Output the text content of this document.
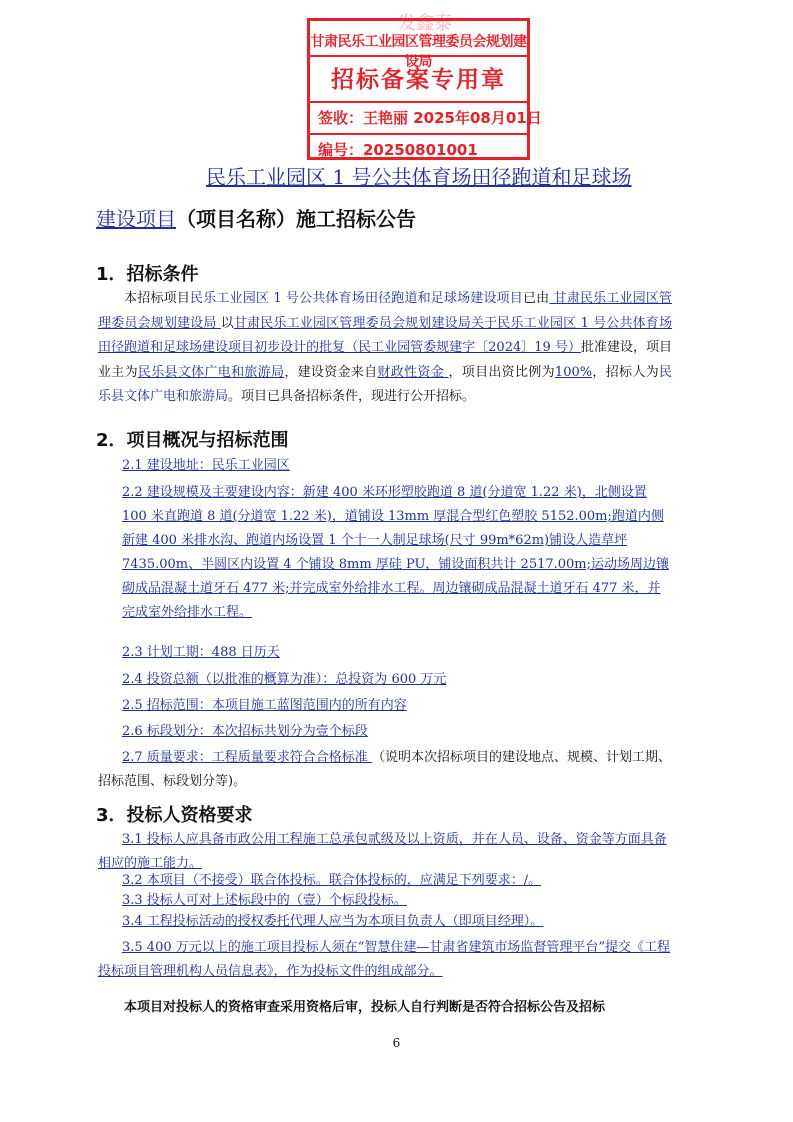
发鑫泰
甘肃民乐工业园区管理委员会规划建设局
招标备案专用章
签收：王艳丽 2025年08月01日
编号：20250801001
民乐工业园区 1 号公共体育场田径跑道和足球场
建设项目（项目名称）施工招标公告
1．招标条件
本招标项目民乐工业园区 1 号公共体育场田径跑道和足球场建设项目已由 甘肃民乐工业园区管理委员会规划建设局 以甘肃民乐工业园区管理委员会规划建设局关于民乐工业园区 1 号公共体育场田径跑道和足球场建设项目初步设计的批复（民工业园管委规建字〔2024〕19 号）批准建设，项目业主为民乐县文体广电和旅游局，建设资金来自财政性资金 ，项目出资比例为100%，招标人为民乐县文体广电和旅游局。项目已具备招标条件，现进行公开招标。
2．项目概况与招标范围
2.1 建设地址：民乐工业园区
2.2 建设规模及主要建设内容：新建 400 米环形塑胶跑道 8 道(分道宽 1.22 米)，北侧设置 100 米直跑道 8 道(分道宽 1.22 米)，道铺设 13mm 厚混合型红色塑胶 5152.00m;跑道内侧新建 400 米排水沟、跑道内场设置 1 个十一人制足球场(尺寸 99m*62m)铺设人造草坪 7435.00m、半圆区内设置 4 个铺设 8mm 厚硅 PU，铺设面积共计 2517.00m;运动场周边镶砌成品混凝土道牙石 477 米;并完成室外给排水工程。周边镶砌成品混凝土道牙石 477 米，并完成室外给排水工程。
2.3 计划工期：488 日历天
2.4 投资总额（以批准的概算为准）：总投资为 600 万元
2.5 招标范围：本项目施工蓝图范围内的所有内容
2.6 标段划分：本次招标共划分为壹个标段
2.7 质量要求：工程质量要求符合合格标准 （说明本次招标项目的建设地点、规模、计划工期、招标范围、标段划分等)。
3．投标人资格要求
3.1 投标人应具备市政公用工程施工总承包贰级及以上资质，并在人员、设备、资金等方面具备相应的施工能力。
3.2 本项目（不接受）联合体投标。联合体投标的，应满足下列要求：/。
3.3 投标人可对上述标段中的（壹）个标段投标。
3.4 工程投标活动的授权委托代理人应当为本项目负责人（即项目经理）。
3.5 400 万元以上的施工项目投标人须在“智慧住建—甘肃省建筑市场监督管理平台”提交《工程投标项目管理机构人员信息表》，作为投标文件的组成部分。
本项目对投标人的资格审查采用资格后审，投标人自行判断是否符合招标公告及招标
6
